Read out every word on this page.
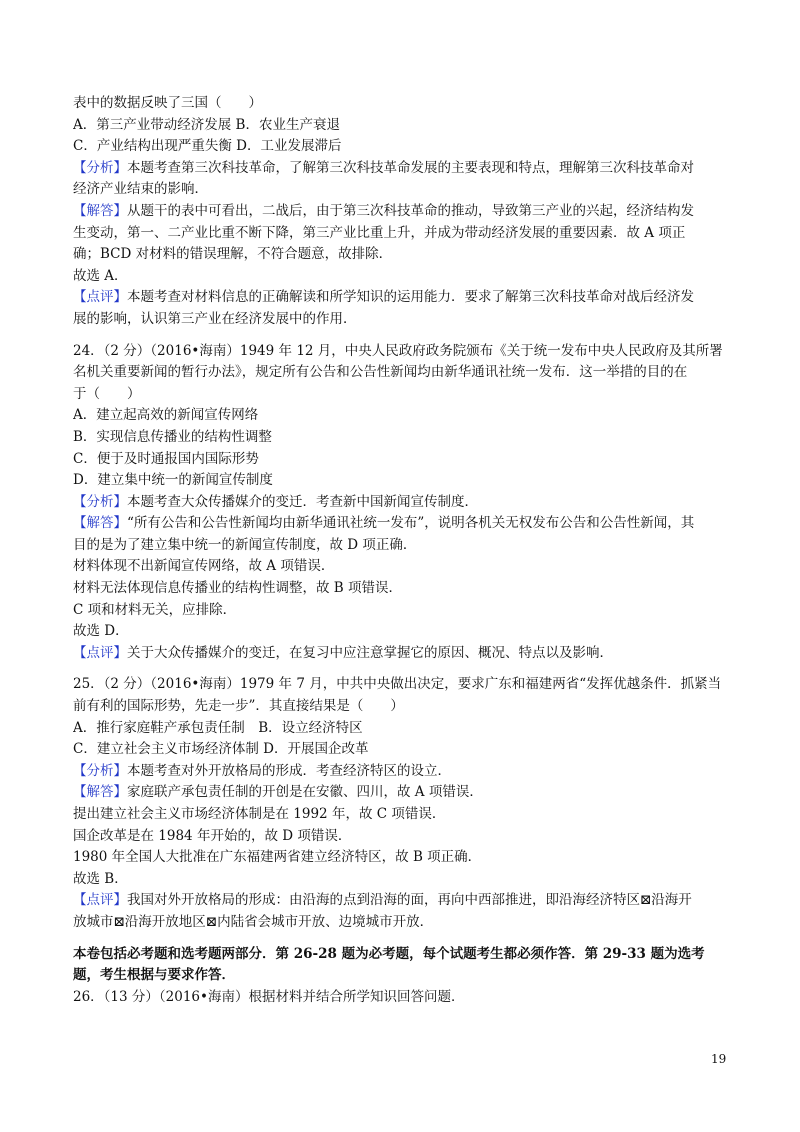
表中的数据反映了三国（　　）
A．第三产业带动经济发展 B．农业生产衰退
C．产业结构出现严重失衡 D．工业发展滞后
【分析】本题考查第三次科技革命，了解第三次科技革命发展的主要表现和特点，理解第三次科技革命对
经济产业结束的影响．
【解答】从题干的表中可看出，二战后，由于第三次科技革命的推动，导致第三产业的兴起，经济结构发
生变动，第一、二产业比重不断下降，第三产业比重上升，并成为带动经济发展的重要因素．故 A 项正
确；BCD 对材料的错误理解，不符合题意，故排除．
故选 A．
【点评】本题考查对材料信息的正确解读和所学知识的运用能力．要求了解第三次科技革命对战后经济发
展的影响，认识第三产业在经济发展中的作用．
24．（2 分）（2016•海南）1949 年 12 月，中央人民政府政务院颁布《关于统一发布中央人民政府及其所署
名机关重要新闻的暂行办法》，规定所有公告和公告性新闻均由新华通讯社统一发布．这一举措的目的在
于（　　）
A．建立起高效的新闻宣传网络
B．实现信息传播业的结构性调整
C．便于及时通报国内国际形势
D．建立集中统一的新闻宣传制度
【分析】本题考查大众传播媒介的变迁．考查新中国新闻宣传制度．
【解答】“所有公告和公告性新闻均由新华通讯社统一发布”，说明各机关无权发布公告和公告性新闻，其
目的是为了建立集中统一的新闻宣传制度，故 D 项正确．
材料体现不出新闻宣传网络，故 A 项错误．
材料无法体现信息传播业的结构性调整，故 B 项错误．
C 项和材料无关，应排除．
故选 D．
【点评】关于大众传播媒介的变迁，在复习中应注意掌握它的原因、概况、特点以及影响．
25．（2 分）（2016•海南）1979 年 7 月，中共中央做出决定，要求广东和福建两省“发挥优越条件．抓紧当
前有利的国际形势，先走一步”．其直接结果是（　　）
A．推行家庭鞋产承包责任制　B．设立经济特区
C．建立社会主义市场经济体制 D．开展国企改革
【分析】本题考查对外开放格局的形成．考查经济特区的设立．
【解答】家庭联产承包责任制的开创是在安徽、四川，故 A 项错误．
提出建立社会主义市场经济体制是在 1992 年，故 C 项错误．
国企改革是在 1984 年开始的，故 D 项错误．
1980 年全国人大批准在广东福建两省建立经济特区，故 B 项正确．
故选 B．
【点评】我国对外开放格局的形成：由沿海的点到沿海的面，再向中西部推进，即沿海经济特区⊠沿海开
放城市⊠沿海开放地区⊠内陆省会城市开放、边境城市开放．
本卷包括必考题和选考题两部分．第 26-28 题为必考题，每个试题考生都必须作答．第 29-33 题为选考
题，考生根据与要求作答．
26．（13 分）（2016•海南）根据材料并结合所学知识回答问题．
19
